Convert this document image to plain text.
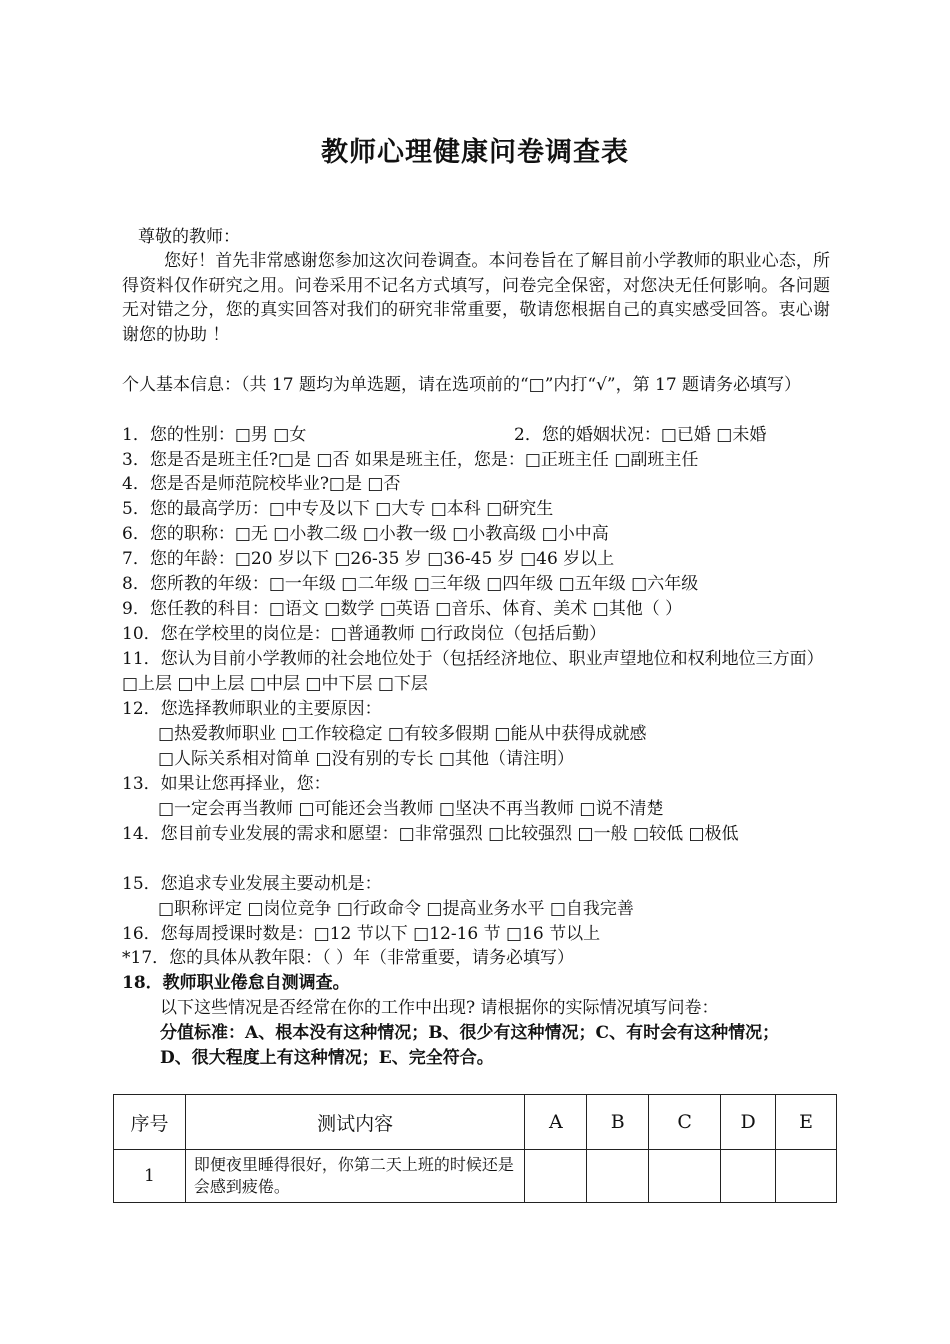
教师心理健康问卷调查表
尊敬的教师：
您好！首先非常感谢您参加这次问卷调查。本问卷旨在了解目前小学教师的职业心态，所得资料仅作研究之用。问卷采用不记名方式填写，问卷完全保密，对您决无任何影响。各问题无对错之分，您的真实回答对我们的研究非常重要，敬请您根据自己的真实感受回答。衷心谢谢您的协助 ！
个人基本信息：（共 17 题均为单选题，请在选项前的“□”内打“√”，第 17 题请务必填写）
1．您的性别：□男 □女	2．您的婚姻状况：□已婚 □未婚
3．您是否是班主任?□是 □否 如果是班主任，您是：□正班主任 □副班主任
4．您是否是师范院校毕业?□是 □否
5．您的最高学历：□中专及以下 □大专 □本科 □研究生
6．您的职称：□无 □小教二级 □小教一级 □小教高级 □小中高
7．您的年龄：□20 岁以下 □26-35 岁 □36-45 岁 □46 岁以上
8．您所教的年级：□一年级 □二年级 □三年级 □四年级 □五年级 □六年级
9．您任教的科目：□语文 □数学 □英语 □音乐、体育、美术 □其他（ ）
10．您在学校里的岗位是：□普通教师 □行政岗位（包括后勤）
11．您认为目前小学教师的社会地位处于（包括经济地位、职业声望地位和权利地位三方面） □上层 □中上层 □中层 □中下层 □下层
12．您选择教师职业的主要原因：
□热爱教师职业 □工作较稳定 □有较多假期 □能从中获得成就感
□人际关系相对简单 □没有别的专长 □其他（请注明）
13．如果让您再择业，您：
□一定会再当教师 □可能还会当教师 □坚决不再当教师 □说不清楚
14．您目前专业发展的需求和愿望：□非常强烈 □比较强烈 □一般 □较低 □极低
15．您追求专业发展主要动机是：
□职称评定 □岗位竞争 □行政命令 □提高业务水平 □自我完善
16．您每周授课时数是：□12 节以下 □12-16 节 □16 节以上
*17．您的具体从教年限：（ ）年（非常重要，请务必填写）
18．教师职业倦怠自测调查。
以下这些情况是否经常在你的工作中出现? 请根据你的实际情况填写问卷：
分值标准：A、根本没有这种情况；B、很少有这种情况；C、有时会有这种情况；
D、很大程度上有这种情况；E、完全符合。
序号	测试内容	A	B	C	D	E
1	即便夜里睡得很好，你第二天上班的时候还是会感到疲倦。					
